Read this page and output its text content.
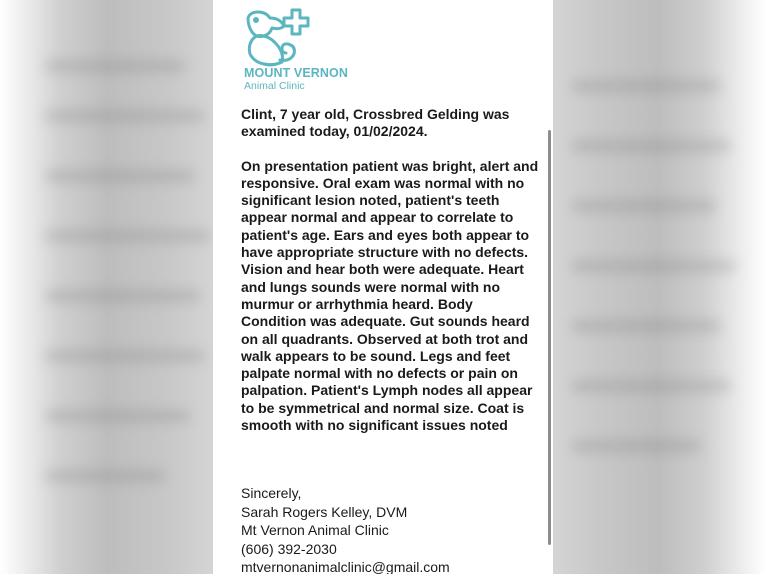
MOUNT VERNON
Animal Clinic

Clint, 7 year old, Crossbred Gelding was examined today, 01/02/2024.

On presentation patient was bright, alert and responsive. Oral exam was normal with no significant lesion noted, patient's teeth appear normal and appear to correlate to patient's age. Ears and eyes both appear to have appropriate structure with no defects. Vision and hear both were adequate. Heart and lungs sounds were normal with no murmur or arrhythmia heard. Body Condition was adequate. Gut sounds heard on all quadrants. Observed at both trot and walk appears to be sound. Legs and feet palpate normal with no defects or pain on palpation. Patient's Lymph nodes all appear to be symmetrical and normal size. Coat is smooth with no significant issues noted

Sincerely,
Sarah Rogers Kelley, DVM
Mt Vernon Animal Clinic
(606) 392-2030
mtvernonanimalclinic@gmail.com
